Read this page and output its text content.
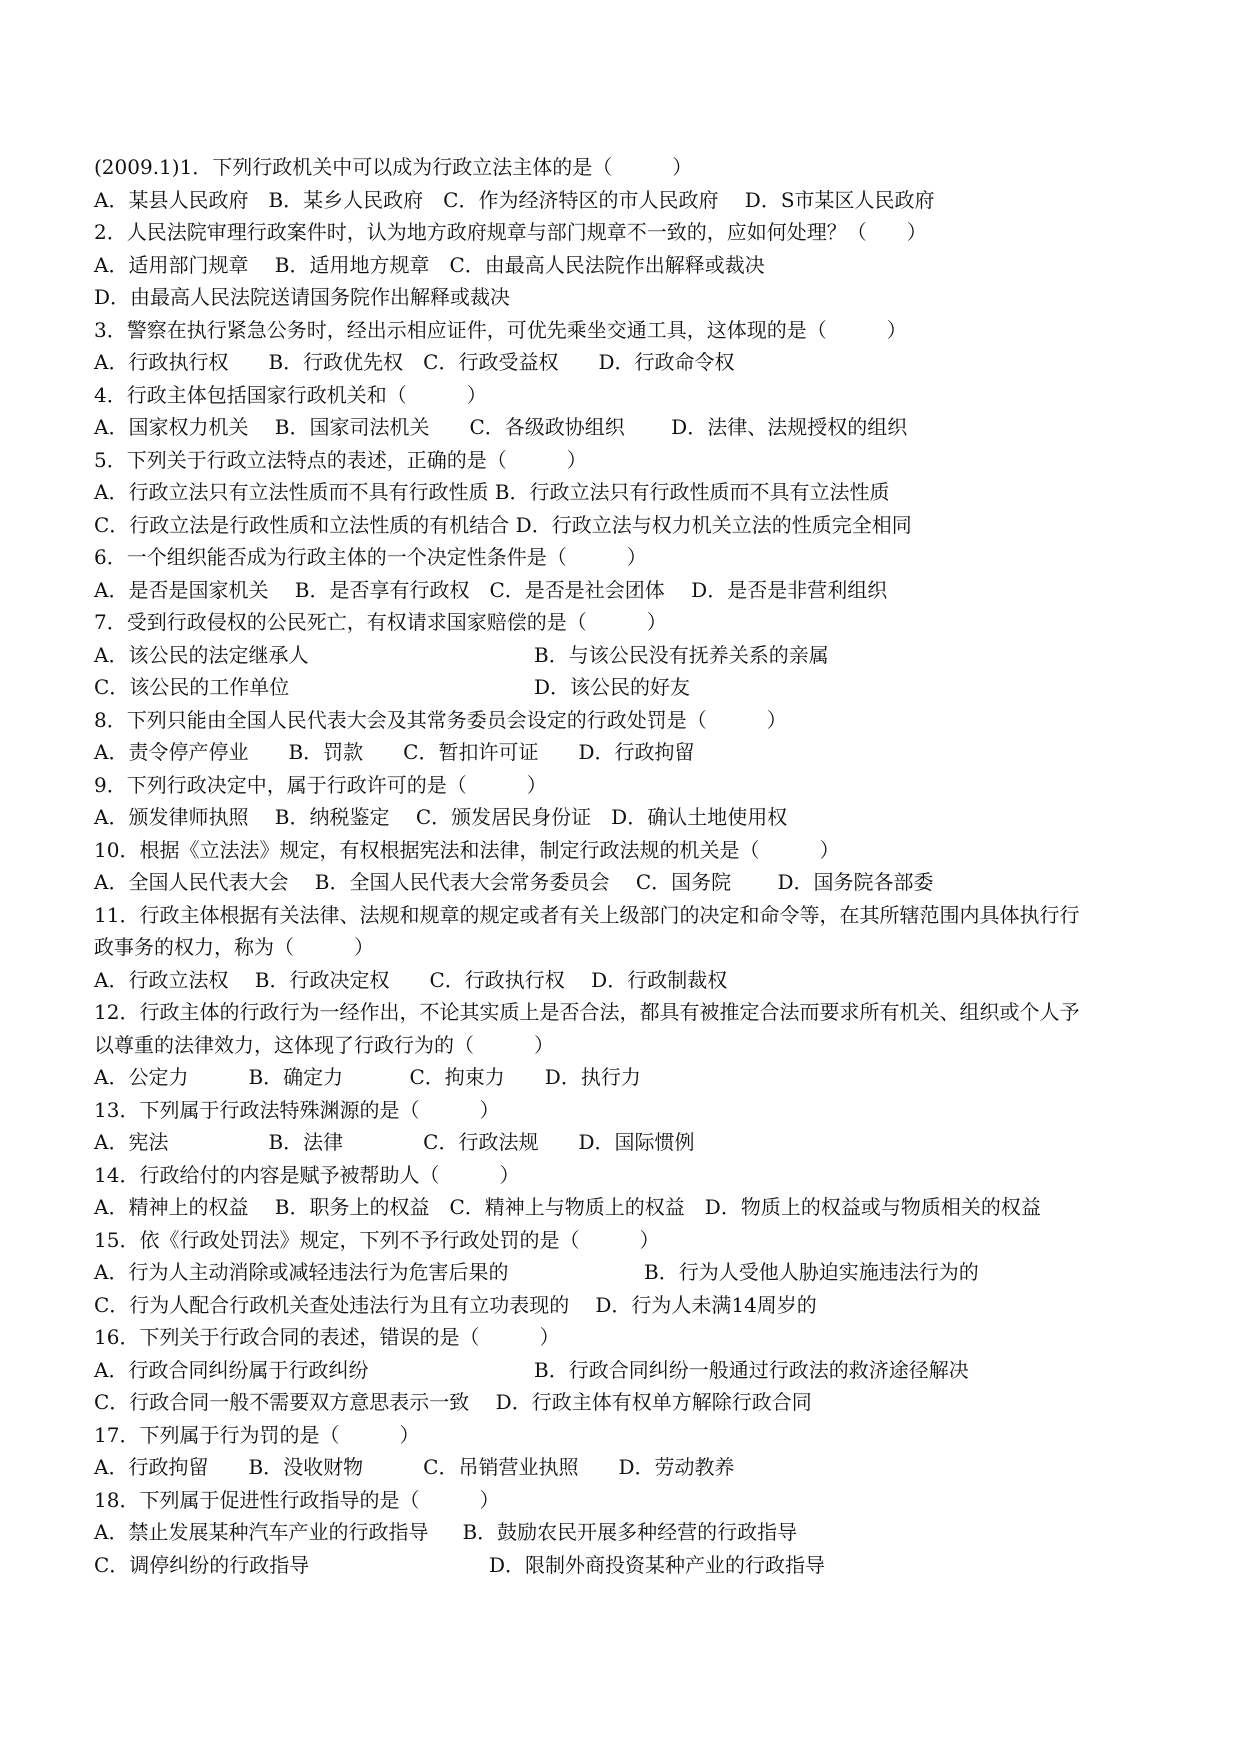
(2009.1)1．下列行政机关中可以成为行政立法主体的是（　　　）
A．某县人民政府　B．某乡人民政府　C．作为经济特区的市人民政府　 D．S市某区人民政府
2．人民法院审理行政案件时，认为地方政府规章与部门规章不一致的，应如何处理？（　　）
A．适用部门规章　 B．适用地方规章　C．由最高人民法院作出解释或裁决
D．由最高人民法院送请国务院作出解释或裁决
3．警察在执行紧急公务时，经出示相应证件，可优先乘坐交通工具，这体现的是（　　　）
A．行政执行权　　B．行政优先权　C．行政受益权　　D．行政命令权
4．行政主体包括国家行政机关和（　　　）
A．国家权力机关　 B．国家司法机关　　C．各级政协组织　　 D．法律、法规授权的组织
5．下列关于行政立法特点的表述，正确的是（　　　）
A．行政立法只有立法性质而不具有行政性质 B．行政立法只有行政性质而不具有立法性质
C．行政立法是行政性质和立法性质的有机结合 D．行政立法与权力机关立法的性质完全相同
6．一个组织能否成为行政主体的一个决定性条件是（　　　）
A．是否是国家机关　 B．是否享有行政权　C．是否是社会团体　 D．是否是非营利组织
7．受到行政侵权的公民死亡，有权请求国家赔偿的是（　　　）
A．该公民的法定继承人	B．与该公民没有抚养关系的亲属
C．该公民的工作单位	D．该公民的好友
8．下列只能由全国人民代表大会及其常务委员会设定的行政处罚是（　　　）
A．责令停产停业　　B．罚款　　C．暂扣许可证　　D．行政拘留
9．下列行政决定中，属于行政许可的是（　　　）
A．颁发律师执照　 B．纳税鉴定　 C．颁发居民身份证　D．确认土地使用权
10．根据《立法法》规定，有权根据宪法和法律，制定行政法规的机关是（　　　）
A．全国人民代表大会　 B．全国人民代表大会常务委员会　 C．国务院　　 D．国务院各部委
11．行政主体根据有关法律、法规和规章的规定或者有关上级部门的决定和命令等，在其所辖范围内具体执行行
政事务的权力，称为（　　　）
A．行政立法权　 B．行政决定权　　C．行政执行权　 D．行政制裁权
12．行政主体的行政行为一经作出，不论其实质上是否合法，都具有被推定合法而要求所有机关、组织或个人予
以尊重的法律效力，这体现了行政行为的（　　　）
A．公定力　　　B．确定力　　　 C．拘束力　　D．执行力
13．下列属于行政法特殊渊源的是（　　　）
A．宪法　　　　　B．法律　　　　C．行政法规　　D．国际惯例
14．行政给付的内容是赋予被帮助人（　　　）
A．精神上的权益　 B．职务上的权益　C．精神上与物质上的权益　D．物质上的权益或与物质相关的权益
15．依《行政处罚法》规定，下列不予行政处罚的是（　　　）
A．行为人主动消除或减轻违法行为危害后果的	B．行为人受他人胁迫实施违法行为的
C．行为人配合行政机关查处违法行为且有立功表现的 D．行为人未满14周岁的
16．下列关于行政合同的表述，错误的是（　　　）
A．行政合同纠纷属于行政纠纷	B．行政合同纠纷一般通过行政法的救济途径解决
C．行政合同一般不需要双方意思表示一致　 D．行政主体有权单方解除行政合同
17．下列属于行为罚的是（　　　）
A．行政拘留　　B．没收财物　　　C．吊销营业执照　　D．劳动教养
18．下列属于促进性行政指导的是（　　　）
A．禁止发展某种汽车产业的行政指导 B．鼓励农民开展多种经营的行政指导
C．调停纠纷的行政指导	D．限制外商投资某种产业的行政指导
